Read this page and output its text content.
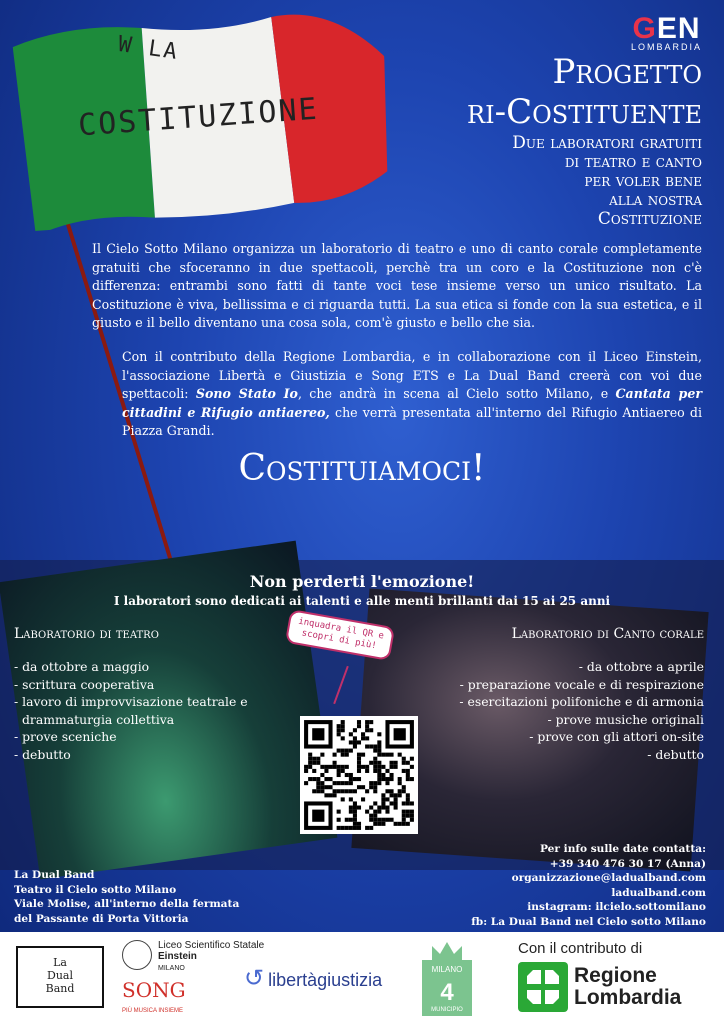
W LA
COSTITUZIONE
GEN
LOMBARDIA
Progetto
ri-Costituente
Due laboratori gratuiti
di teatro e canto
per voler bene
alla nostra
Costituzione
Il Cielo Sotto Milano organizza un laboratorio di teatro e uno di canto corale completamente gratuiti che sfoceranno in due spettacoli, perchè tra un coro e la Costituzione non c'è differenza: entrambi sono fatti di tante voci tese insieme verso un unico risultato. La Costituzione è viva, bellissima e ci riguarda tutti. La sua etica si fonde con la sua estetica, e il giusto e il bello diventano una cosa sola, com'è giusto e bello che sia.
Con il contributo della Regione Lombardia, e in collaborazione con il Liceo Einstein, l'associazione Libertà e Giustizia e Song ETS e La Dual Band creerà con voi due spettacoli: Sono Stato Io, che andrà in scena al Cielo sotto Milano, e Cantata per cittadini e Rifugio antiaereo, che verrà presentata all'interno del Rifugio Antiaereo di Piazza Grandi.
Costituiamoci!
Non perderti l'emozione!
I laboratori sono dedicati ai talenti e alle menti brillanti dai 15 ai 25 anni
Laboratorio di teatro
- da ottobre a maggio
- scrittura cooperativa
- lavoro di improvvisazione teatrale e
drammaturgia collettiva
- prove sceniche
- debutto
Laboratorio di Canto corale
- da ottobre a aprile
- preparazione vocale e di respirazione
- esercitazioni polifoniche e di armonia
- prove musiche originali
- prove con gli attori on-site
- debutto
inquadra il QR e scopri di più!
La Dual Band
Teatro il Cielo sotto Milano
Viale Molise, all'interno della fermata
del Passante di Porta Vittoria
Per info sulle date contatta:
+39 340 476 30 17 (Anna)
organizzazione@ladualband.com
ladualband.com
instagram: ilcielo.sottomilano
fb: La Dual Band nel Cielo sotto Milano
La
Dual
Band
Liceo Scientifico Statale
Einstein
MILANO
SONG
PIÙ MUSICA INSIEME
↺ libertàgiustizia
MILANO
4
MUNICIPIO
Con il contributo di
Regione
Lombardia
